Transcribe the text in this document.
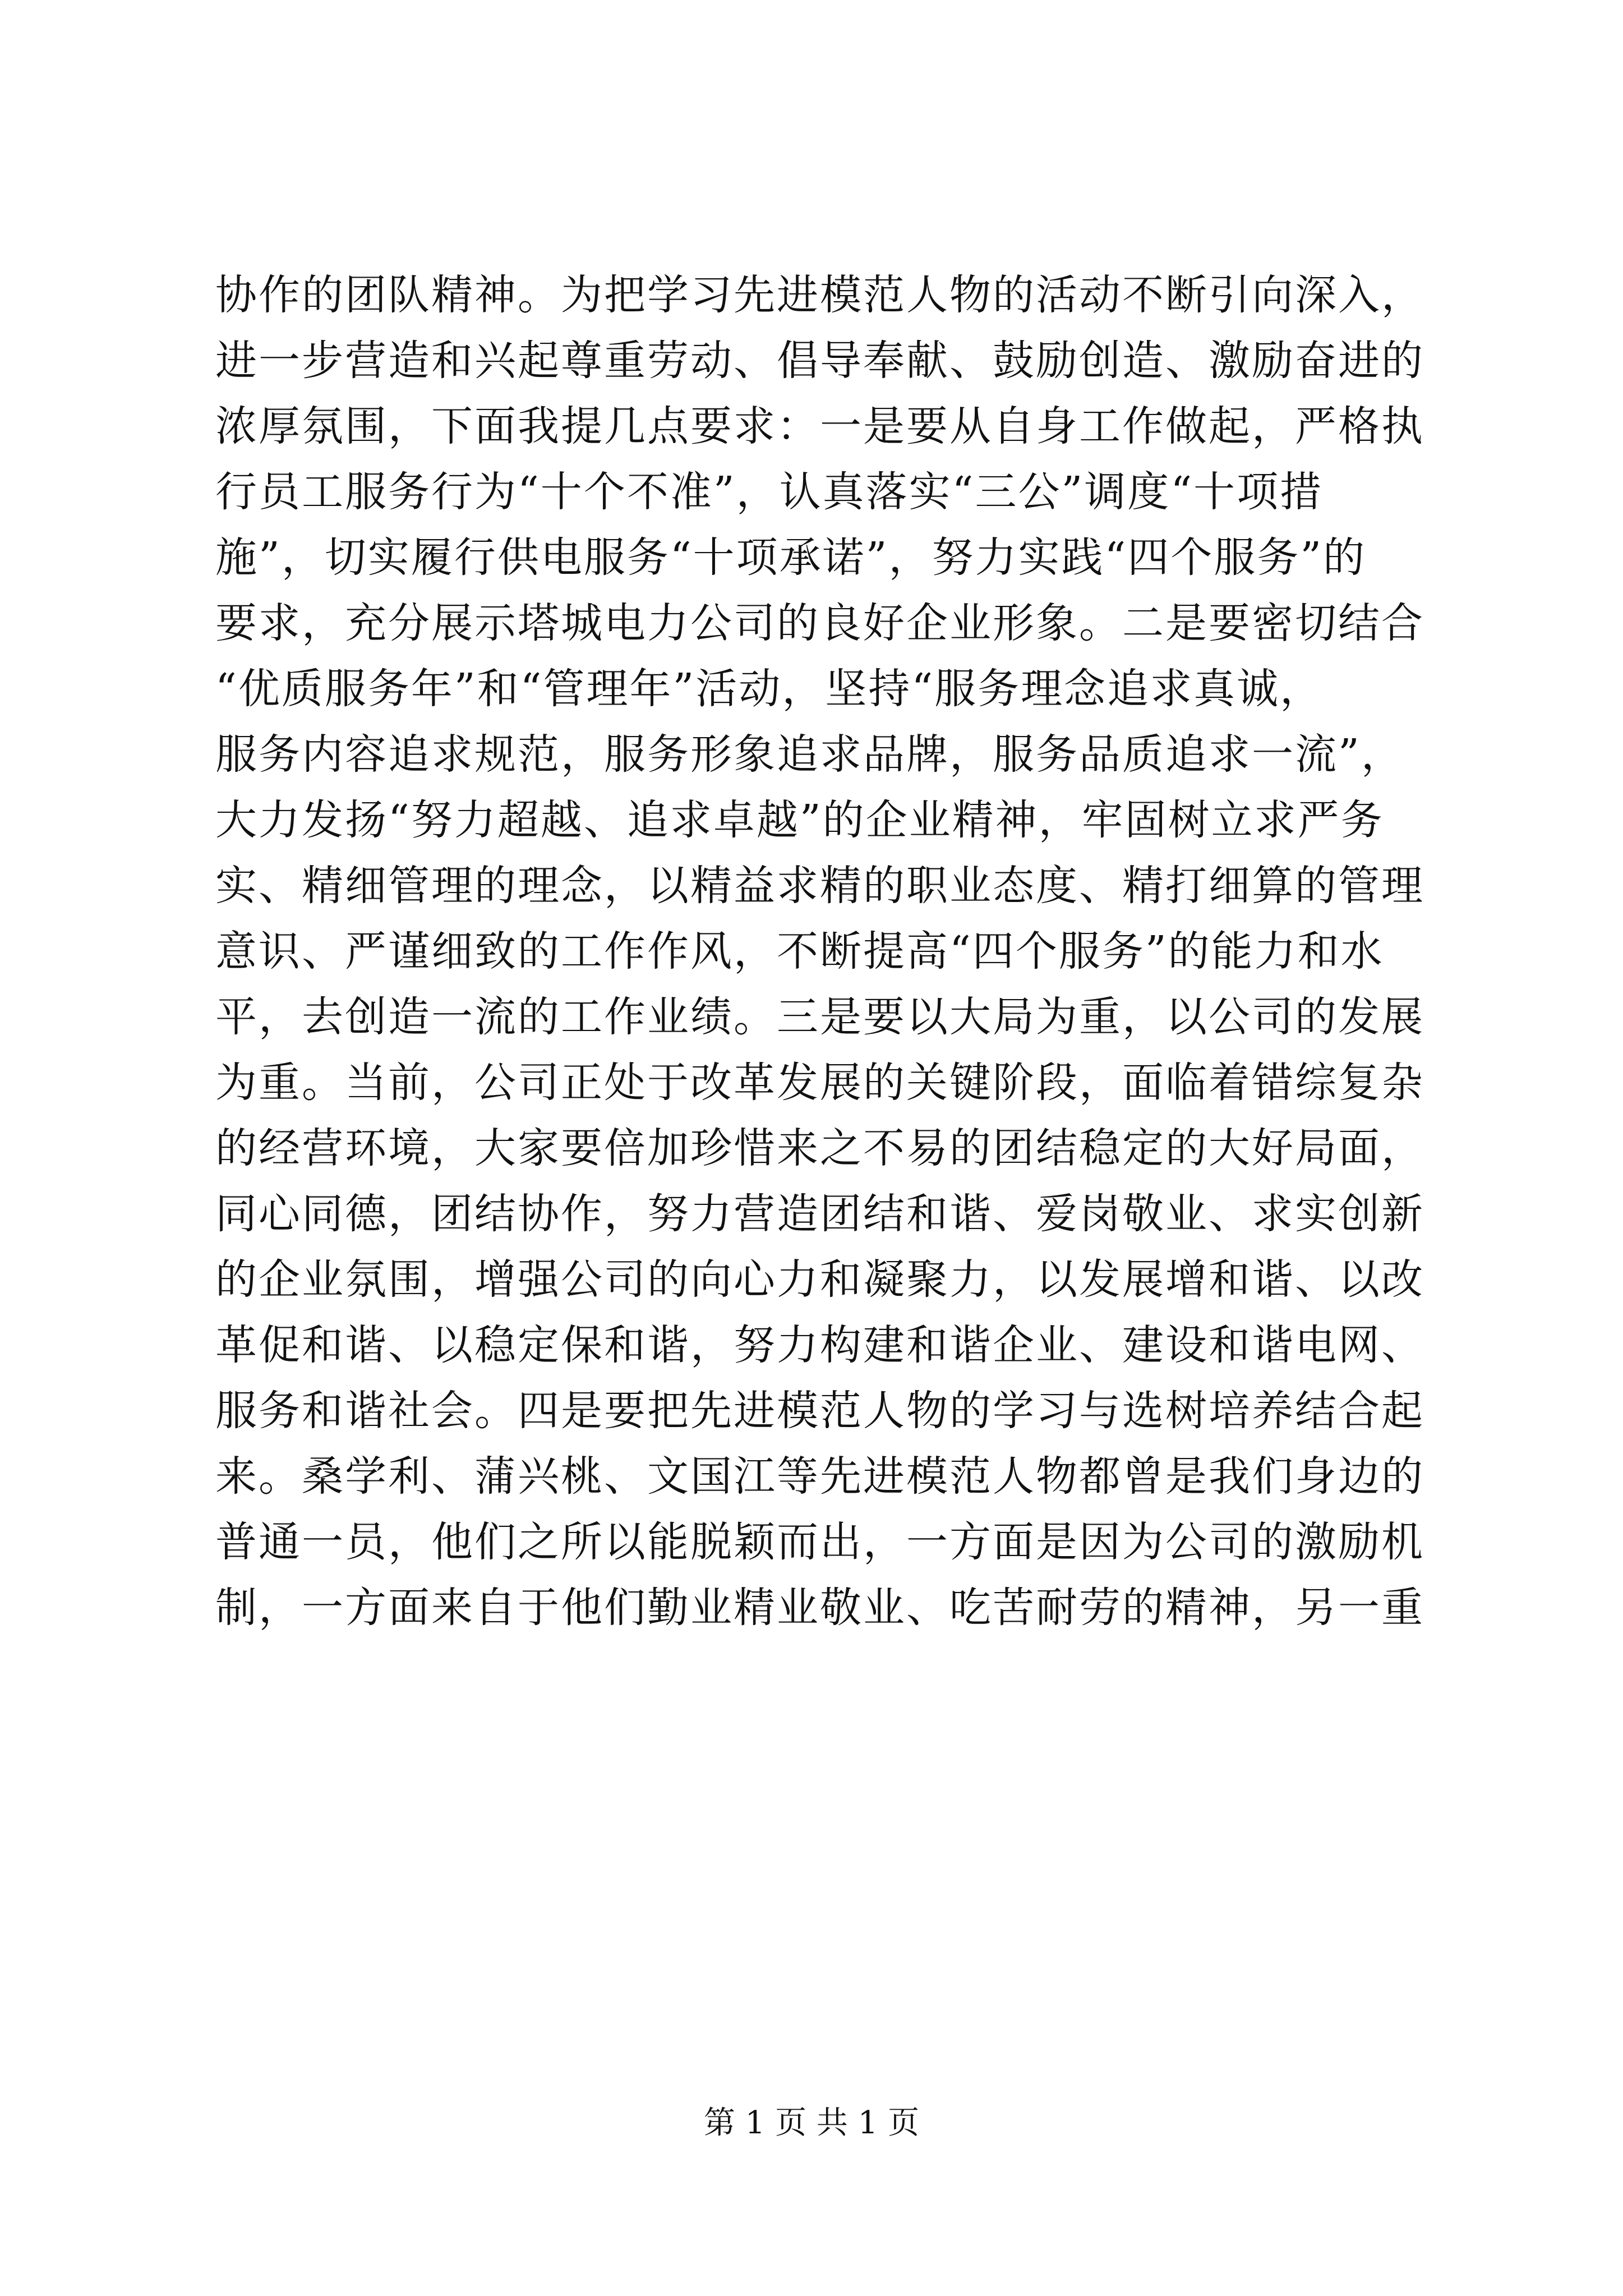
协作的团队精神。为把学习先进模范人物的活动不断引向深入，
进一步营造和兴起尊重劳动、倡导奉献、鼓励创造、激励奋进的
浓厚氛围，下面我提几点要求：一是要从自身工作做起，严格执
行员工服务行为“十个不准”，认真落实“三公”调度“十项措
施”，切实履行供电服务“十项承诺”，努力实践“四个服务”的
要求，充分展示塔城电力公司的良好企业形象。二是要密切结合
“优质服务年”和“管理年”活动，坚持“服务理念追求真诚，
服务内容追求规范，服务形象追求品牌，服务品质追求一流”，
大力发扬“努力超越、追求卓越”的企业精神，牢固树立求严务
实、精细管理的理念，以精益求精的职业态度、精打细算的管理
意识、严谨细致的工作作风，不断提高“四个服务”的能力和水
平，去创造一流的工作业绩。三是要以大局为重，以公司的发展
为重。当前，公司正处于改革发展的关键阶段，面临着错综复杂
的经营环境，大家要倍加珍惜来之不易的团结稳定的大好局面，
同心同德，团结协作，努力营造团结和谐、爱岗敬业、求实创新
的企业氛围，增强公司的向心力和凝聚力，以发展增和谐、以改
革促和谐、以稳定保和谐，努力构建和谐企业、建设和谐电网、
服务和谐社会。四是要把先进模范人物的学习与选树培养结合起
来。桑学利、蒲兴桃、文国江等先进模范人物都曾是我们身边的
普通一员，他们之所以能脱颖而出，一方面是因为公司的激励机
制，一方面来自于他们勤业精业敬业、吃苦耐劳的精神，另一重
第 1 页 共 1 页
